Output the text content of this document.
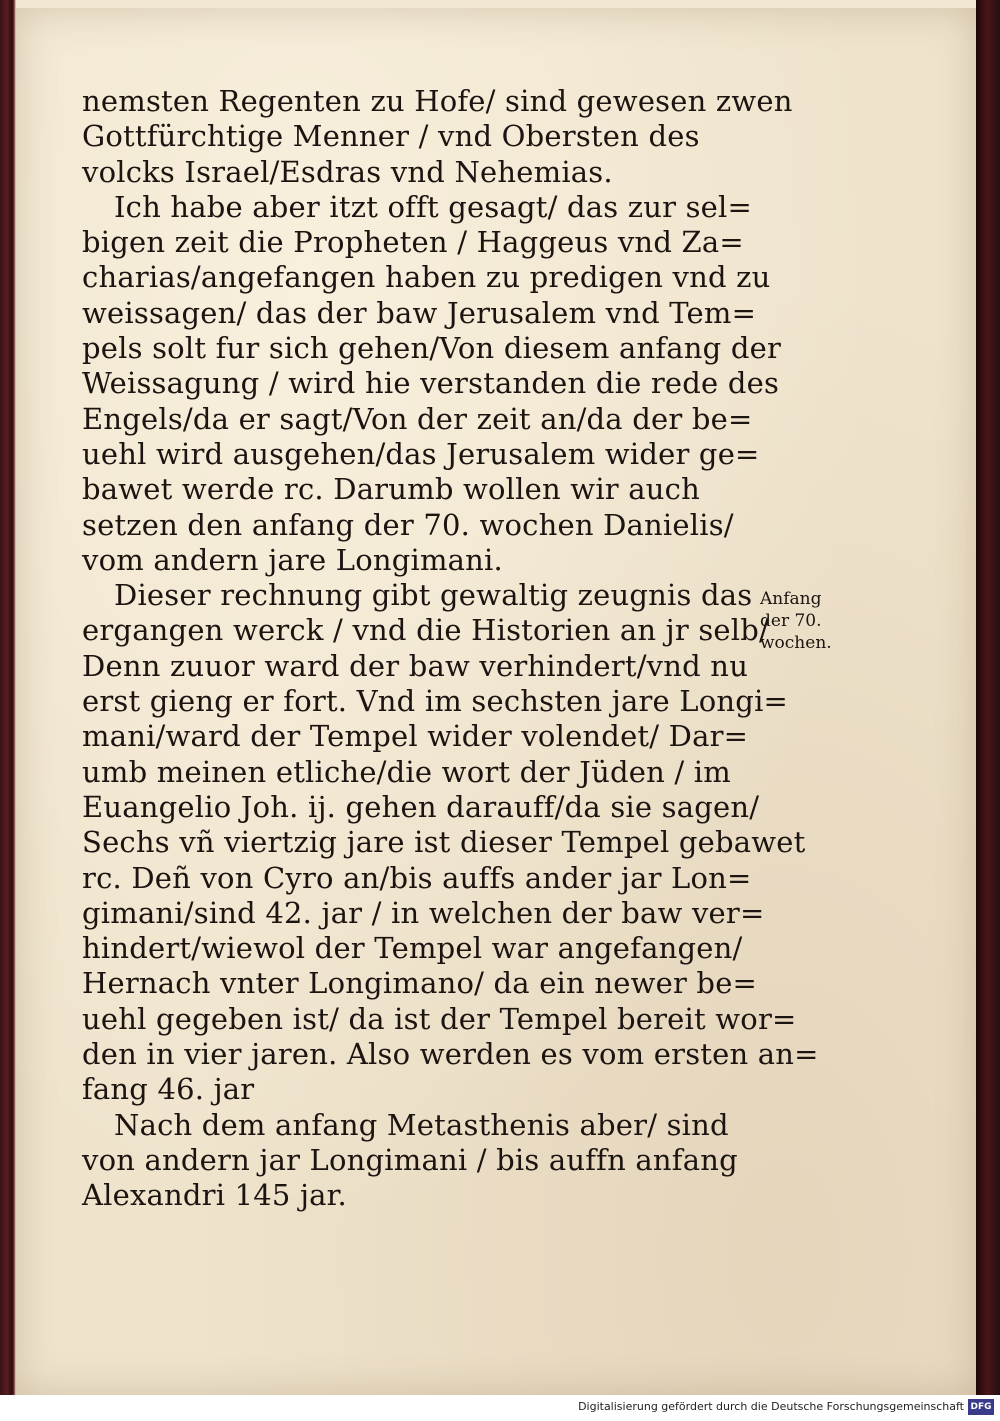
nemsten Regenten zu Hofe/ sind gewesen zwen
Gottfürchtige Menner / vnd Obersten des
volcks Israel/Esdras vnd Nehemias.
Ich habe aber itzt offt gesagt/ das zur sel=
bigen zeit die Propheten / Haggeus vnd Za=
charias/angefangen haben zu predigen vnd zu
weissagen/ das der baw Jerusalem vnd Tem=
pels solt fur sich gehen/Von diesem anfang der
Weissagung / wird hie verstanden die rede des
Engels/da er sagt/Von der zeit an/da der be=
uehl wird ausgehen/das Jerusalem wider ge=
bawet werde rc. Darumb wollen wir auch
setzen den anfang der 70. wochen Danielis/
vom andern jare Longimani.
Dieser rechnung gibt gewaltig zeugnis das
ergangen werck / vnd die Historien an jr selb/
Denn zuuor ward der baw verhindert/vnd nu
erst gieng er fort. Vnd im sechsten jare Longi=
mani/ward der Tempel wider volendet/ Dar=
umb meinen etliche/die wort der Jüden / im
Euangelio Joh. ij. gehen darauff/da sie sagen/
Sechs vñ viertzig jare ist dieser Tempel gebawet
rc. Deñ von Cyro an/bis auffs ander jar Lon=
gimani/sind 42. jar / in welchen der baw ver=
hindert/wiewol der Tempel war angefangen/
Hernach vnter Longimano/ da ein newer be=
uehl gegeben ist/ da ist der Tempel bereit wor=
den in vier jaren. Also werden es vom ersten an=
fang 46. jar
Nach dem anfang Metasthenis aber/ sind
von andern jar Longimani / bis auffn anfang
Alexandri 145 jar.
Anfang
der 70.
wochen.
Digitalisierung gefördert durch die Deutsche Forschungsgemeinschaft DFG
